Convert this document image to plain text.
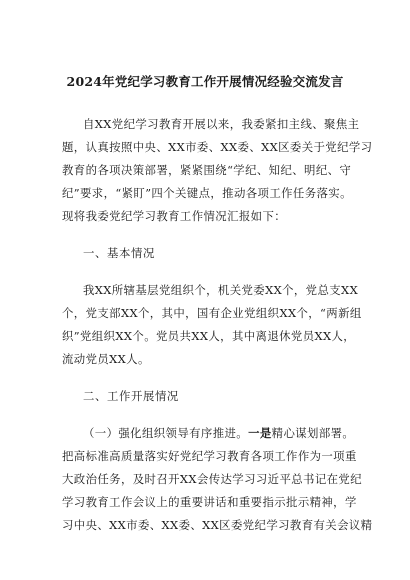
2024年党纪学习教育工作开展情况经验交流发言

自XX党纪学习教育开展以来，我委紧扣主线、聚焦主

题，认真按照中央、XX市委、XX委、XX区委关于党纪学习

教育的各项决策部署，紧紧围绕“学纪、知纪、明纪、守

纪”要求，“紧盯”四个关键点，推动各项工作任务落实。

现将我委党纪学习教育工作情况汇报如下：

一、基本情况

我XX所辖基层党组织个，机关党委XX个，党总支XX

个，党支部XX个，其中，国有企业党组织XX个，“两新组

织”党组织XX个。党员共XX人，其中离退休党员XX人，

流动党员XX人。

二、工作开展情况

（一）强化组织领导有序推进。一是精心谋划部署。

把高标准高质量落实好党纪学习教育各项工作作为一项重

大政治任务，及时召开XX会传达学习习近平总书记在党纪

学习教育工作会议上的重要讲话和重要指示批示精神，学

习中央、XX市委、XX委、XX区委党纪学习教育有关会议精
